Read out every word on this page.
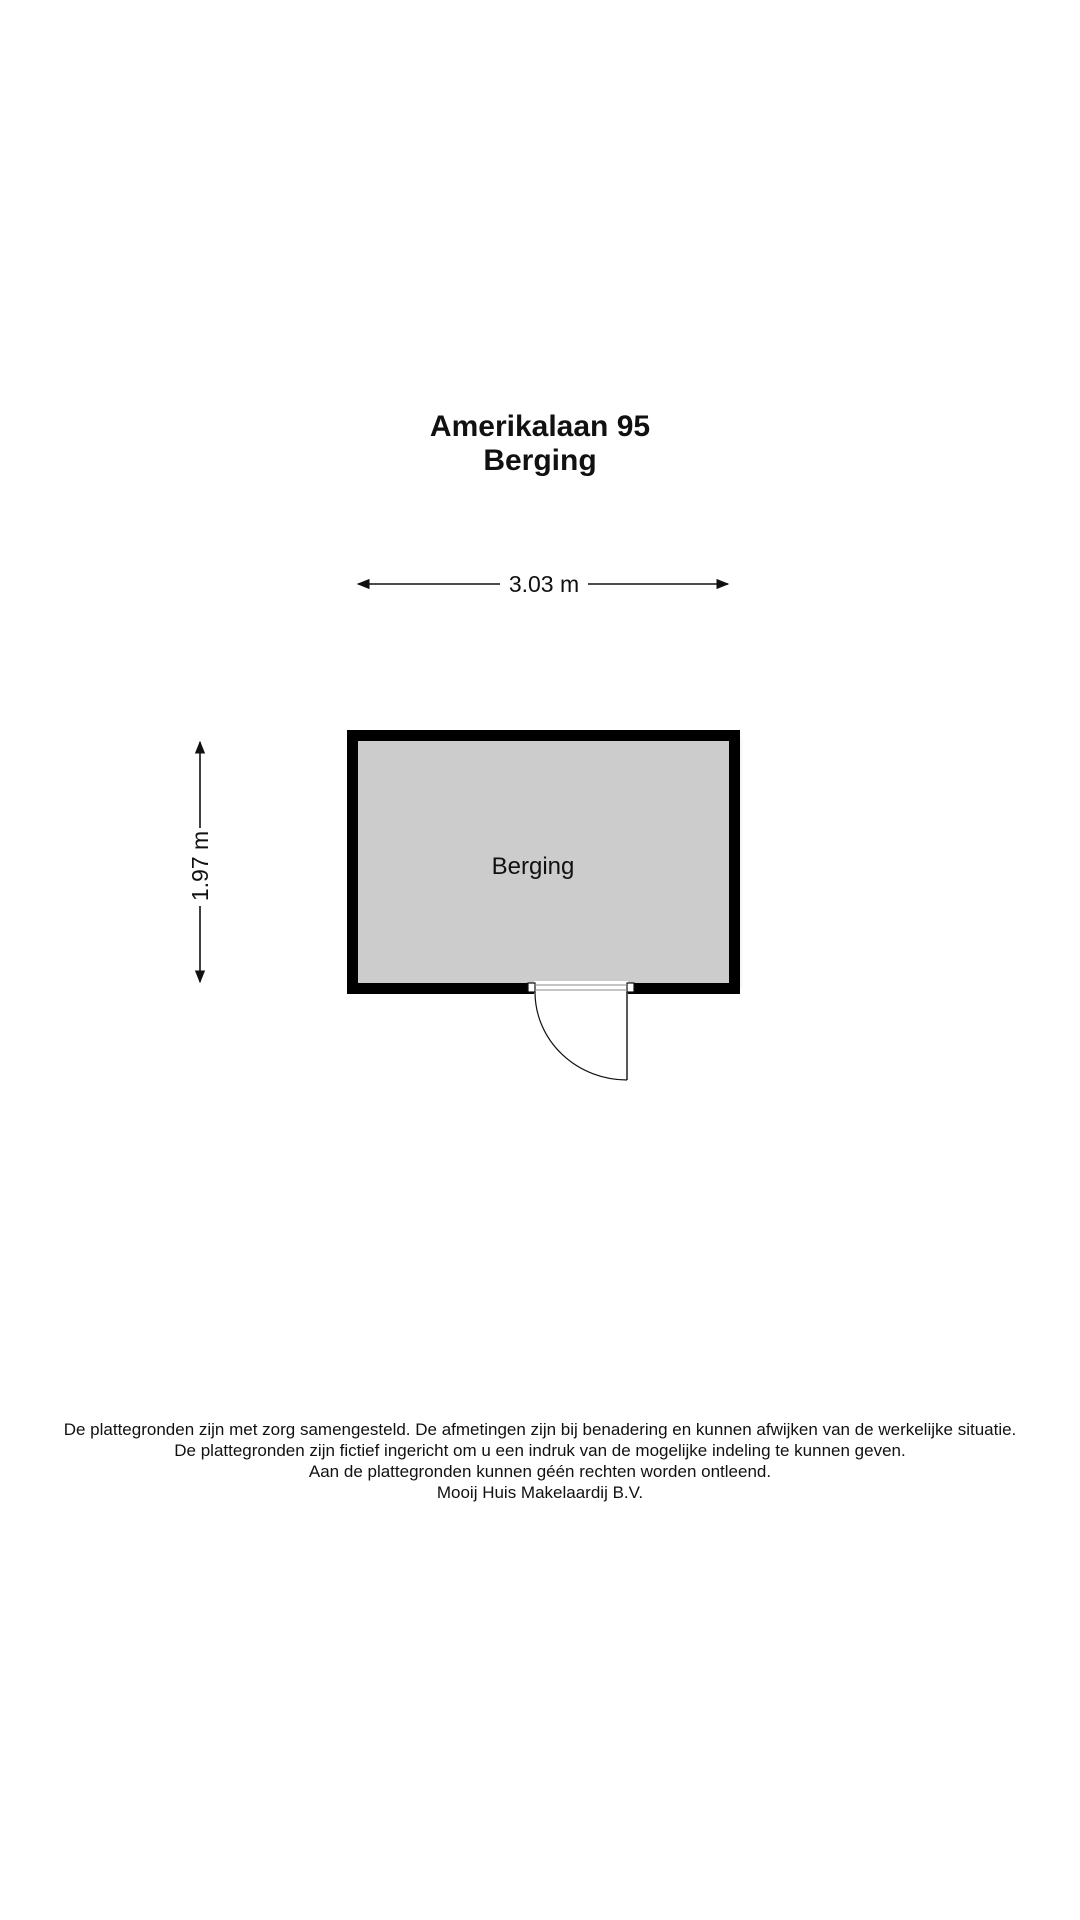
Amerikalaan 95
Berging
3.03 m
1.97 m	Berging
De plattegronden zijn met zorg samengesteld. De afmetingen zijn bij benadering en kunnen afwijken van de werkelijke situatie.
De plattegronden zijn fictief ingericht om u een indruk van de mogelijke indeling te kunnen geven.
Aan de plattegronden kunnen géén rechten worden ontleend.
Mooij Huis Makelaardij B.V.
